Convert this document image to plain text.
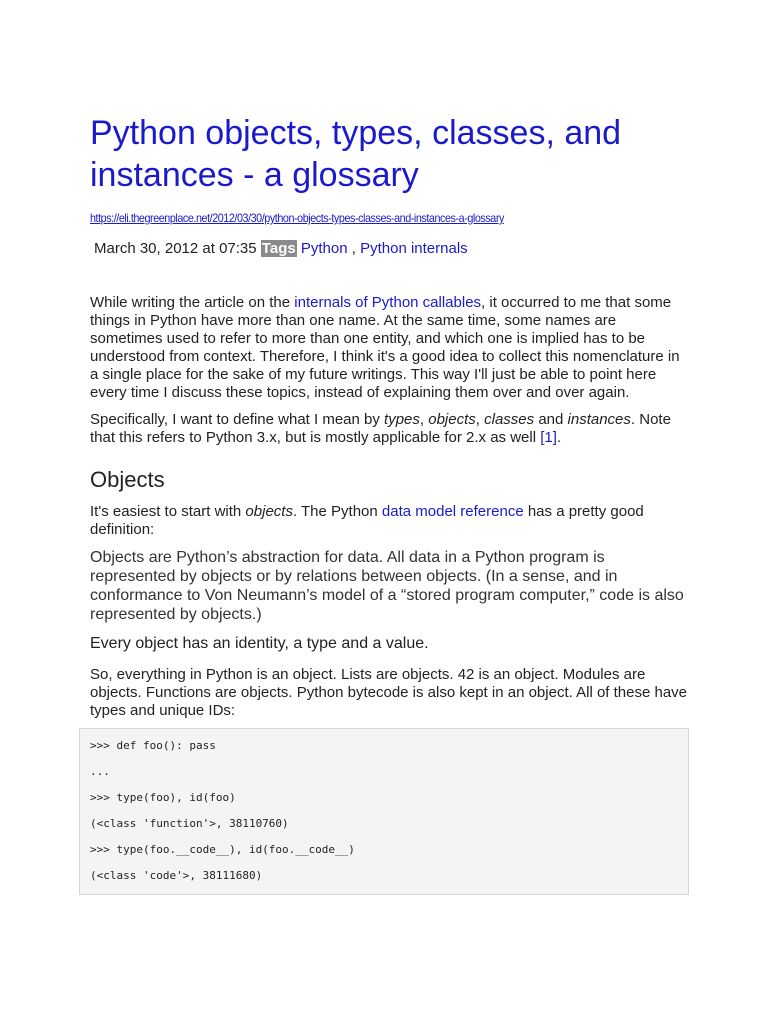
Python objects, types, classes, and instances - a glossary
https://eli.thegreenplace.net/2012/03/30/python-objects-types-classes-and-instances-a-glossary
March 30, 2012 at 07:35 Tags Python , Python internals

While writing the article on the internals of Python callables, it occurred to me that some things in Python have more than one name. At the same time, some names are sometimes used to refer to more than one entity, and which one is implied has to be understood from context. Therefore, I think it's a good idea to collect this nomenclature in a single place for the sake of my future writings. This way I'll just be able to point here every time I discuss these topics, instead of explaining them over and over again.

Specifically, I want to define what I mean by types, objects, classes and instances. Note that this refers to Python 3.x, but is mostly applicable for 2.x as well [1].

Objects

It's easiest to start with objects. The Python data model reference has a pretty good definition:

Objects are Python’s abstraction for data. All data in a Python program is represented by objects or by relations between objects. (In a sense, and in conformance to Von Neumann’s model of a “stored program computer,” code is also represented by objects.)

Every object has an identity, a type and a value.

So, everything in Python is an object. Lists are objects. 42 is an object. Modules are objects. Functions are objects. Python bytecode is also kept in an object. All of these have types and unique IDs:

>>> def foo(): pass
...
>>> type(foo), id(foo)
(<class 'function'>, 38110760)
>>> type(foo.__code__), id(foo.__code__)
(<class 'code'>, 38111680)
